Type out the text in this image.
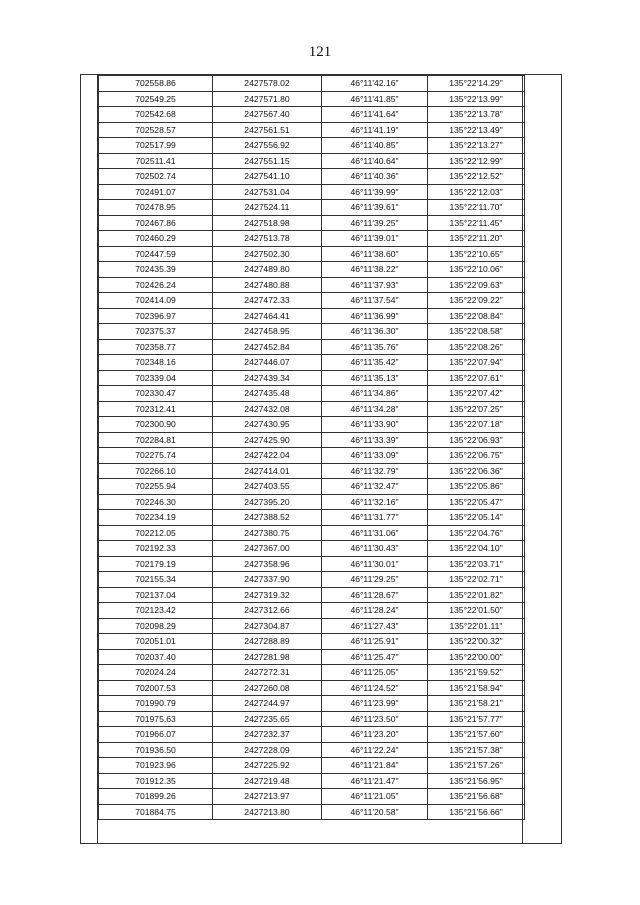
121
702558.86	2427578.02	46°11'42.16"	135°22'14.29"
702549.25	2427571.80	46°11'41.85"	135°22'13.99"
702542.68	2427567.40	46°11'41.64"	135°22'13.78"
702528.57	2427561.51	46°11'41.19"	135°22'13.49"
702517.99	2427556.92	46°11'40.85"	135°22'13.27"
702511.41	2427551.15	46°11'40.64"	135°22'12.99"
702502.74	2427541.10	46°11'40.36"	135°22'12.52"
702491.07	2427531.04	46°11'39.99"	135°22'12.03"
702478.95	2427524.11	46°11'39.61"	135°22'11.70"
702467.86	2427518.98	46°11'39.25"	135°22'11.45"
702460.29	2427513.78	46°11'39.01"	135°22'11.20"
702447.59	2427502.30	46°11'38.60"	135°22'10.65"
702435.39	2427489.80	46°11'38.22"	135°22'10.06"
702426.24	2427480.88	46°11'37.93"	135°22'09.63"
702414.09	2427472.33	46°11'37.54"	135°22'09.22"
702396.97	2427464.41	46°11'36.99"	135°22'08.84"
702375.37	2427458.95	46°11'36.30"	135°22'08.58"
702358.77	2427452.84	46°11'35.76"	135°22'08.26"
702348.16	2427446.07	46°11'35.42"	135°22'07.94"
702339.04	2427439.34	46°11'35.13"	135°22'07.61"
702330.47	2427435.48	46°11'34.86"	135°22'07.42"
702312.41	2427432.08	46°11'34.28"	135°22'07.25"
702300.90	2427430.95	46°11'33.90"	135°22'07.18"
702284.81	2427425.90	46°11'33.39"	135°22'06.93"
702275.74	2427422.04	46°11'33.09"	135°22'06.75"
702266.10	2427414.01	46°11'32.79"	135°22'06.36"
702255.94	2427403.55	46°11'32.47"	135°22'05.86"
702246.30	2427395.20	46°11'32.16"	135°22'05.47"
702234.19	2427388.52	46°11'31.77"	135°22'05.14"
702212.05	2427380.75	46°11'31.06"	135°22'04.76"
702192.33	2427367.00	46°11'30.43"	135°22'04.10"
702179.19	2427358.96	46°11'30.01"	135°22'03.71"
702155.34	2427337.90	46°11'29.25"	135°22'02.71"
702137.04	2427319.32	46°11'28.67"	135°22'01.82"
702123.42	2427312.66	46°11'28.24"	135°22'01.50"
702098.29	2427304.87	46°11'27.43"	135°22'01.11"
702051.01	2427288.89	46°11'25.91"	135°22'00.32"
702037.40	2427281.98	46°11'25.47"	135°22'00.00"
702024.24	2427272.31	46°11'25.05"	135°21'59.52"
702007.53	2427260.08	46°11'24.52"	135°21'58.94"
701990.79	2427244.97	46°11'23.99"	135°21'58.21"
701975.63	2427235.65	46°11'23.50"	135°21'57.77"
701966.07	2427232.37	46°11'23.20"	135°21'57.60"
701936.50	2427228.09	46°11'22.24"	135°21'57.38"
701923.96	2427225.92	46°11'21.84"	135°21'57.26"
701912.35	2427219.48	46°11'21.47"	135°21'56.95"
701899.26	2427213.97	46°11'21.05"	135°21'56.68"
701884.75	2427213.80	46°11'20.58"	135°21'56.66"
